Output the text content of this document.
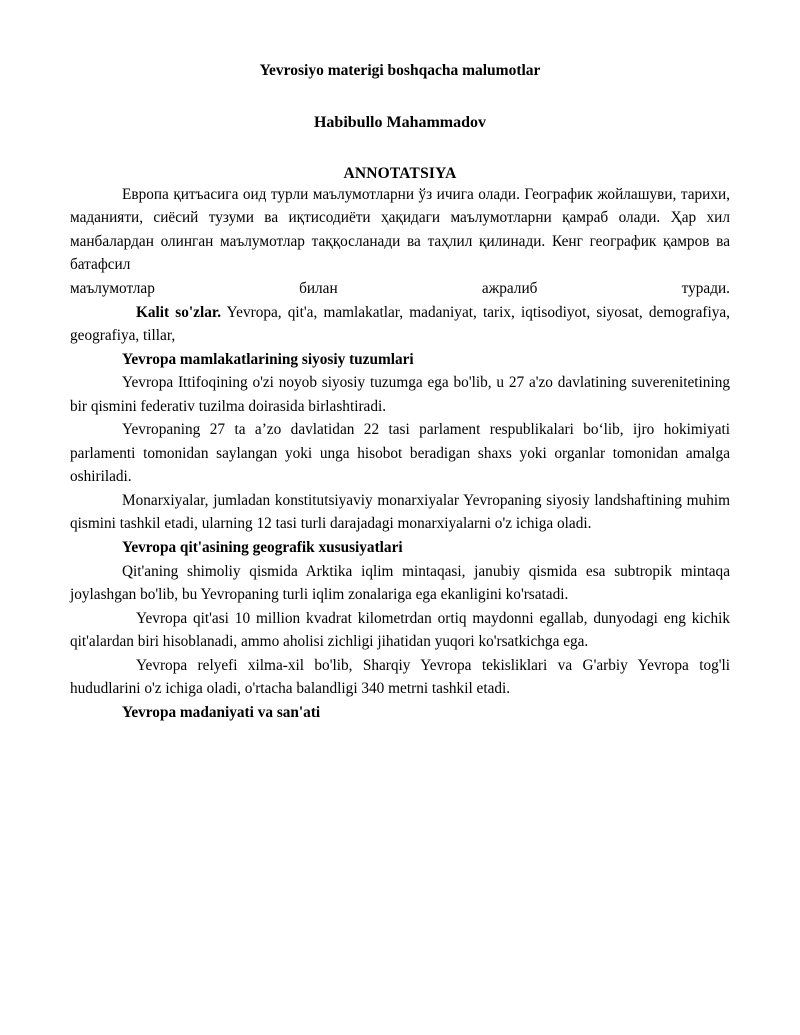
Yevrosiyo materigi boshqacha malumotlar
Habibullo Mahammadov
ANNOTATSIYA

Европа қитъасига оид турли маълумотларни ўз ичига олади. Географик жойлашуви, тарихи, маданияти, сиёсий тузуми ва иқтисодиёти ҳақидаги маълумотларни қамраб олади. Ҳар хил манбалардан олинган маълумотлар таққосланади ва таҳлил қилинади. Кенг географик қамров ва батафсил

маълумотлар билан ажралиб туради.

Kalit so'zlar. Yevropa, qit'a, mamlakatlar, madaniyat, tarix, iqtisodiyot, siyosat, demografiya, geografiya, tillar,

Yevropa mamlakatlarining siyosiy tuzumlari

Yevropa Ittifoqining o'zi noyob siyosiy tuzumga ega bo'lib, u 27 a'zo davlatining suverenitetining bir qismini federativ tuzilma doirasida birlashtiradi.

Yevropaning 27 ta a’zo davlatidan 22 tasi parlament respublikalari bo‘lib, ijro hokimiyati parlamenti tomonidan saylangan yoki unga hisobot beradigan shaxs yoki organlar tomonidan amalga oshiriladi.

Monarxiyalar, jumladan konstitutsiyaviy monarxiyalar Yevropaning siyosiy landshaftining muhim qismini tashkil etadi, ularning 12 tasi turli darajadagi monarxiyalarni o'z ichiga oladi.

Yevropa qit'asining geografik xususiyatlari

Qit'aning shimoliy qismida Arktika iqlim mintaqasi, janubiy qismida esa subtropik mintaqa joylashgan bo'lib, bu Yevropaning turli iqlim zonalariga ega ekanligini ko'rsatadi.

Yevropa qit'asi 10 million kvadrat kilometrdan ortiq maydonni egallab, dunyodagi eng kichik qit'alardan biri hisoblanadi, ammo aholisi zichligi jihatidan yuqori ko'rsatkichga ega.

Yevropa relyefi xilma-xil bo'lib, Sharqiy Yevropa tekisliklari va G'arbiy Yevropa tog'li hududlarini o'z ichiga oladi, o'rtacha balandligi 340 metrni tashkil etadi.

Yevropa madaniyati va san'ati
